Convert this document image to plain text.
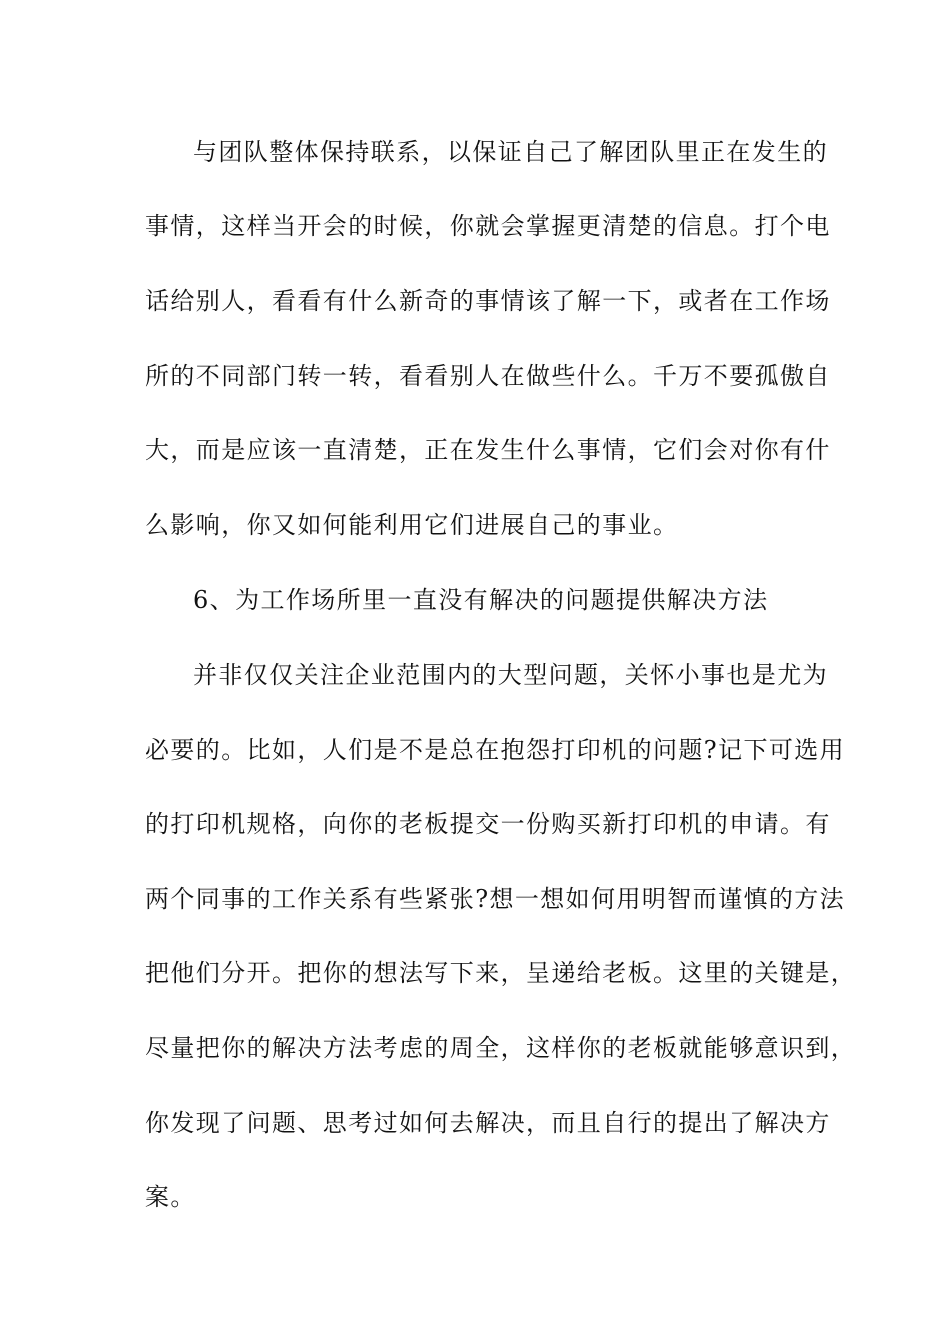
与团队整体保持联系，以保证自己了解团队里正在发生的
事情，这样当开会的时候，你就会掌握更清楚的信息。打个电
话给别人，看看有什么新奇的事情该了解一下，或者在工作场
所的不同部门转一转，看看别人在做些什么。千万不要孤傲自
大，而是应该一直清楚，正在发生什么事情，它们会对你有什
么影响，你又如何能利用它们进展自己的事业。
6、为工作场所里一直没有解决的问题提供解决方法
并非仅仅关注企业范围内的大型问题，关怀小事也是尤为
必要的。比如，人们是不是总在抱怨打印机的问题?记下可选用
的打印机规格，向你的老板提交一份购买新打印机的申请。有
两个同事的工作关系有些紧张?想一想如何用明智而谨慎的方法
把他们分开。把你的想法写下来，呈递给老板。这里的关键是，
尽量把你的解决方法考虑的周全，这样你的老板就能够意识到，
你发现了问题、思考过如何去解决，而且自行的提出了解决方
案。
